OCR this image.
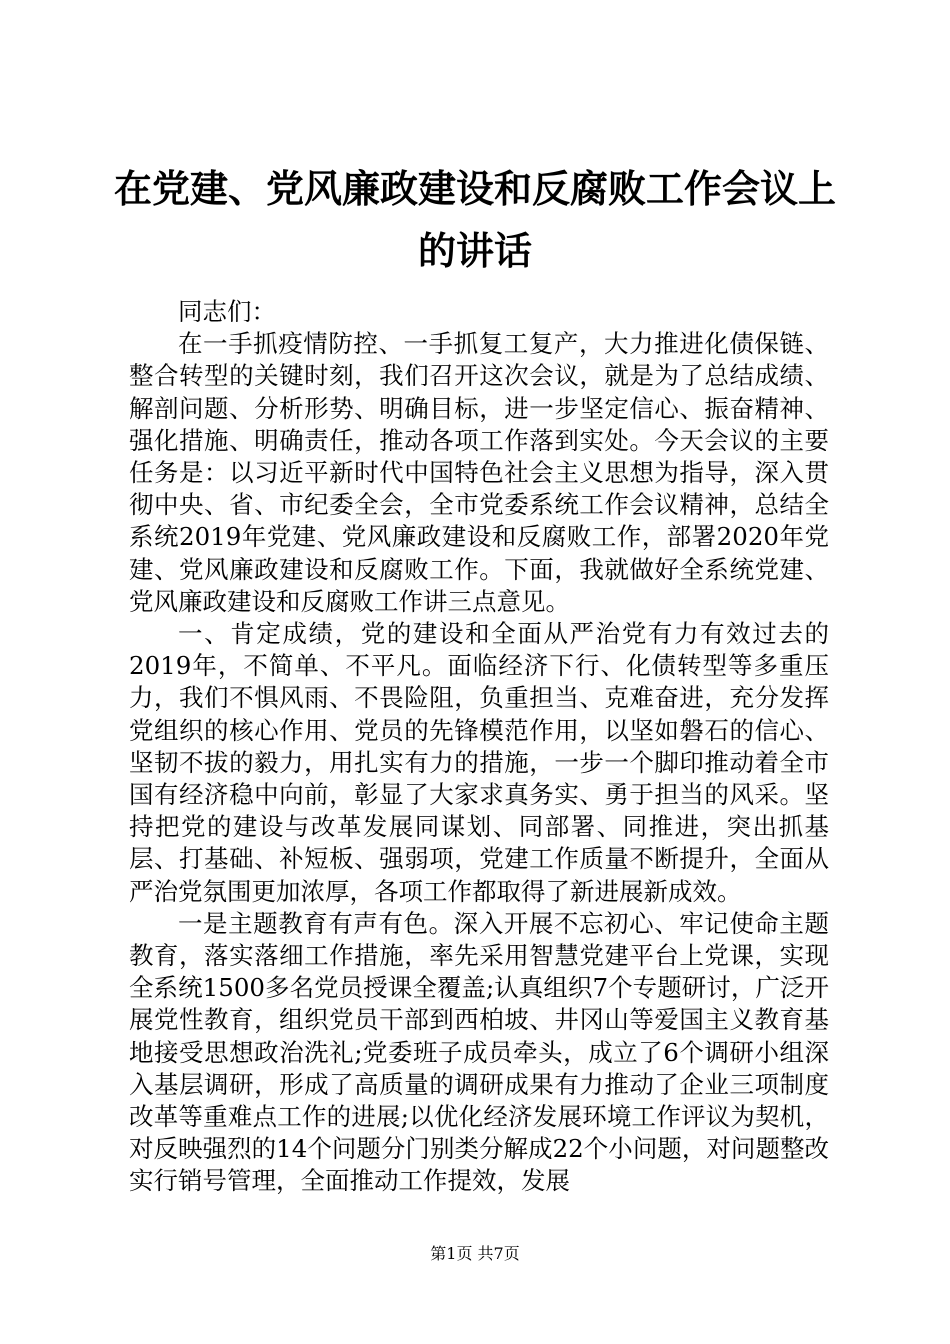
在党建、党风廉政建设和反腐败工作会议上的讲话

同志们：

在一手抓疫情防控、一手抓复工复产，大力推进化债保链、整合转型的关键时刻，我们召开这次会议，就是为了总结成绩、解剖问题、分析形势、明确目标，进一步坚定信心、振奋精神、强化措施、明确责任，推动各项工作落到实处。今天会议的主要任务是：以习近平新时代中国特色社会主义思想为指导，深入贯彻中央、省、市纪委全会，全市党委系统工作会议精神，总结全系统2019年党建、党风廉政建设和反腐败工作，部署2020年党建、党风廉政建设和反腐败工作。下面，我就做好全系统党建、党风廉政建设和反腐败工作讲三点意见。

一、肯定成绩，党的建设和全面从严治党有力有效过去的2019年，不简单、不平凡。面临经济下行、化债转型等多重压力，我们不惧风雨、不畏险阻，负重担当、克难奋进，充分发挥党组织的核心作用、党员的先锋模范作用，以坚如磐石的信心、坚韧不拔的毅力，用扎实有力的措施，一步一个脚印推动着全市国有经济稳中向前，彰显了大家求真务实、勇于担当的风采。坚持把党的建设与改革发展同谋划、同部署、同推进，突出抓基层、打基础、补短板、强弱项，党建工作质量不断提升，全面从严治党氛围更加浓厚，各项工作都取得了新进展新成效。

一是主题教育有声有色。深入开展不忘初心、牢记使命主题教育，落实落细工作措施，率先采用智慧党建平台上党课，实现全系统1500多名党员授课全覆盖;认真组织7个专题研讨，广泛开展党性教育，组织党员干部到西柏坡、井冈山等爱国主义教育基地接受思想政治洗礼;党委班子成员牵头，成立了6个调研小组深入基层调研，形成了高质量的调研成果有力推动了企业三项制度改革等重难点工作的进展;以优化经济发展环境工作评议为契机，对反映强烈的14个问题分门别类分解成22个小问题，对问题整改实行销号管理，全面推动工作提效，发展

第1页 共7页
